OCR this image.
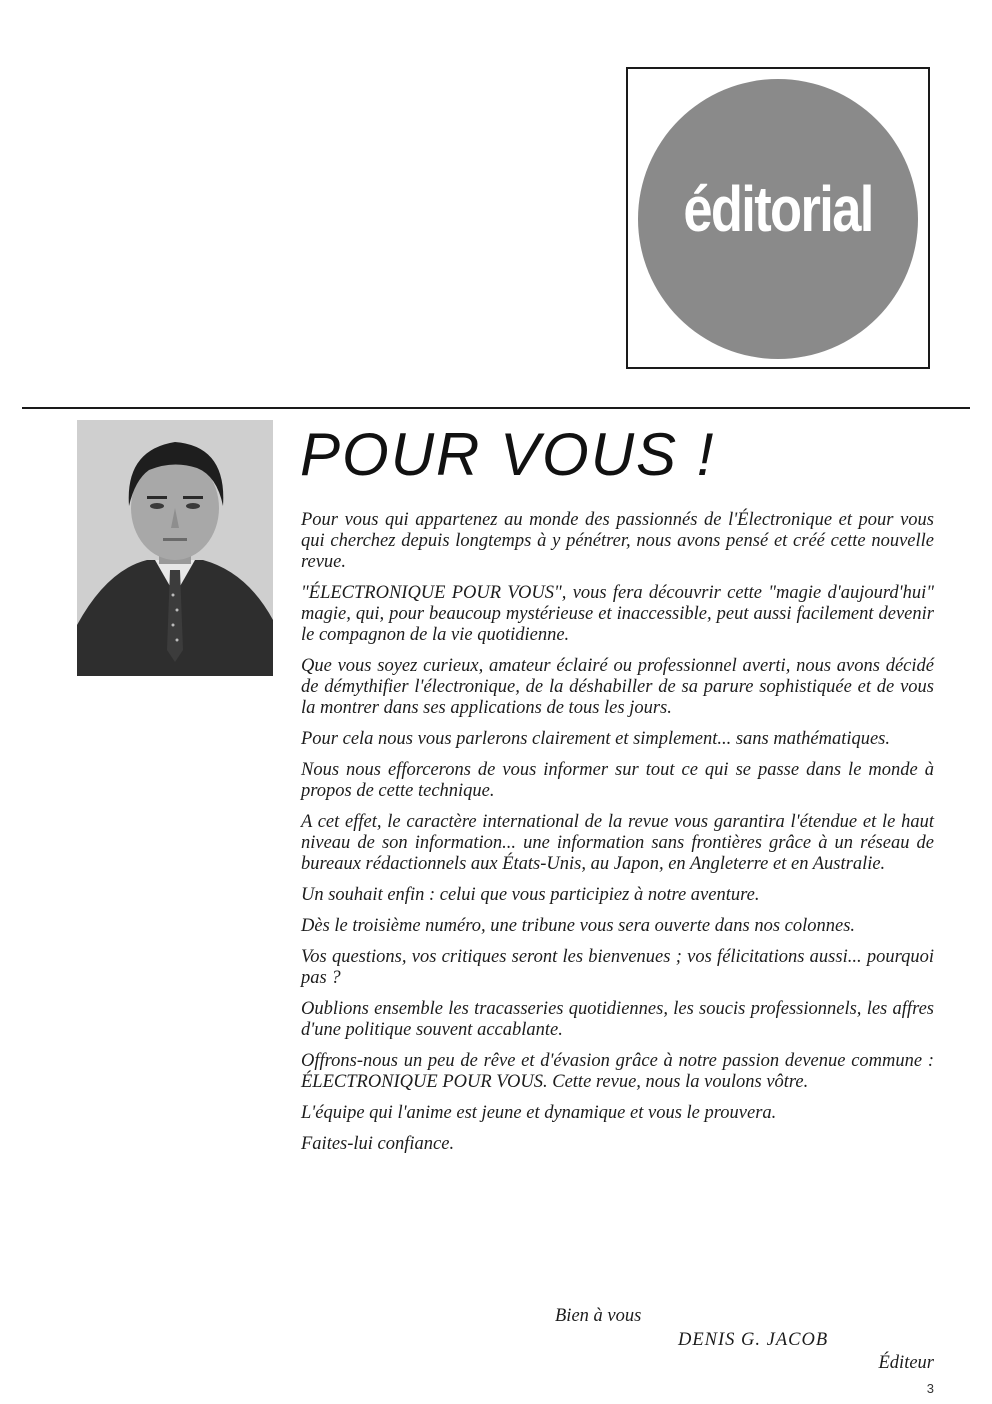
éditorial
POUR VOUS !

Pour vous qui appartenez au monde des passionnés de l'Électronique et pour vous qui cherchez depuis longtemps à y pénétrer, nous avons pensé et créé cette nouvelle revue.

"ÉLECTRONIQUE POUR VOUS", vous fera découvrir cette "magie d'aujourd'hui" magie, qui, pour beaucoup mystérieuse et inaccessible, peut aussi facilement devenir le compagnon de la vie quotidienne.

Que vous soyez curieux, amateur éclairé ou professionnel averti, nous avons décidé de démythifier l'électronique, de la déshabiller de sa parure sophistiquée et de vous la montrer dans ses applications de tous les jours.

Pour cela nous vous parlerons clairement et simplement... sans mathématiques.

Nous nous efforcerons de vous informer sur tout ce qui se passe dans le monde à propos de cette technique.

A cet effet, le caractère international de la revue vous garantira l'étendue et le haut niveau de son information... une information sans frontières grâce à un réseau de bureaux rédactionnels aux États-Unis, au Japon, en Angleterre et en Australie.

Un souhait enfin : celui que vous participiez à notre aventure.

Dès le troisième numéro, une tribune vous sera ouverte dans nos colonnes.

Vos questions, vos critiques seront les bienvenues ; vos félicitations aussi... pourquoi pas ?

Oublions ensemble les tracasseries quotidiennes, les soucis professionnels, les affres d'une politique souvent accablante.

Offrons-nous un peu de rêve et d'évasion grâce à notre passion devenue commune : ÉLECTRONIQUE POUR VOUS. Cette revue, nous la voulons vôtre.

L'équipe qui l'anime est jeune et dynamique et vous le prouvera.

Faites-lui confiance.

Bien à vous
DENIS G. JACOB
Éditeur
3
